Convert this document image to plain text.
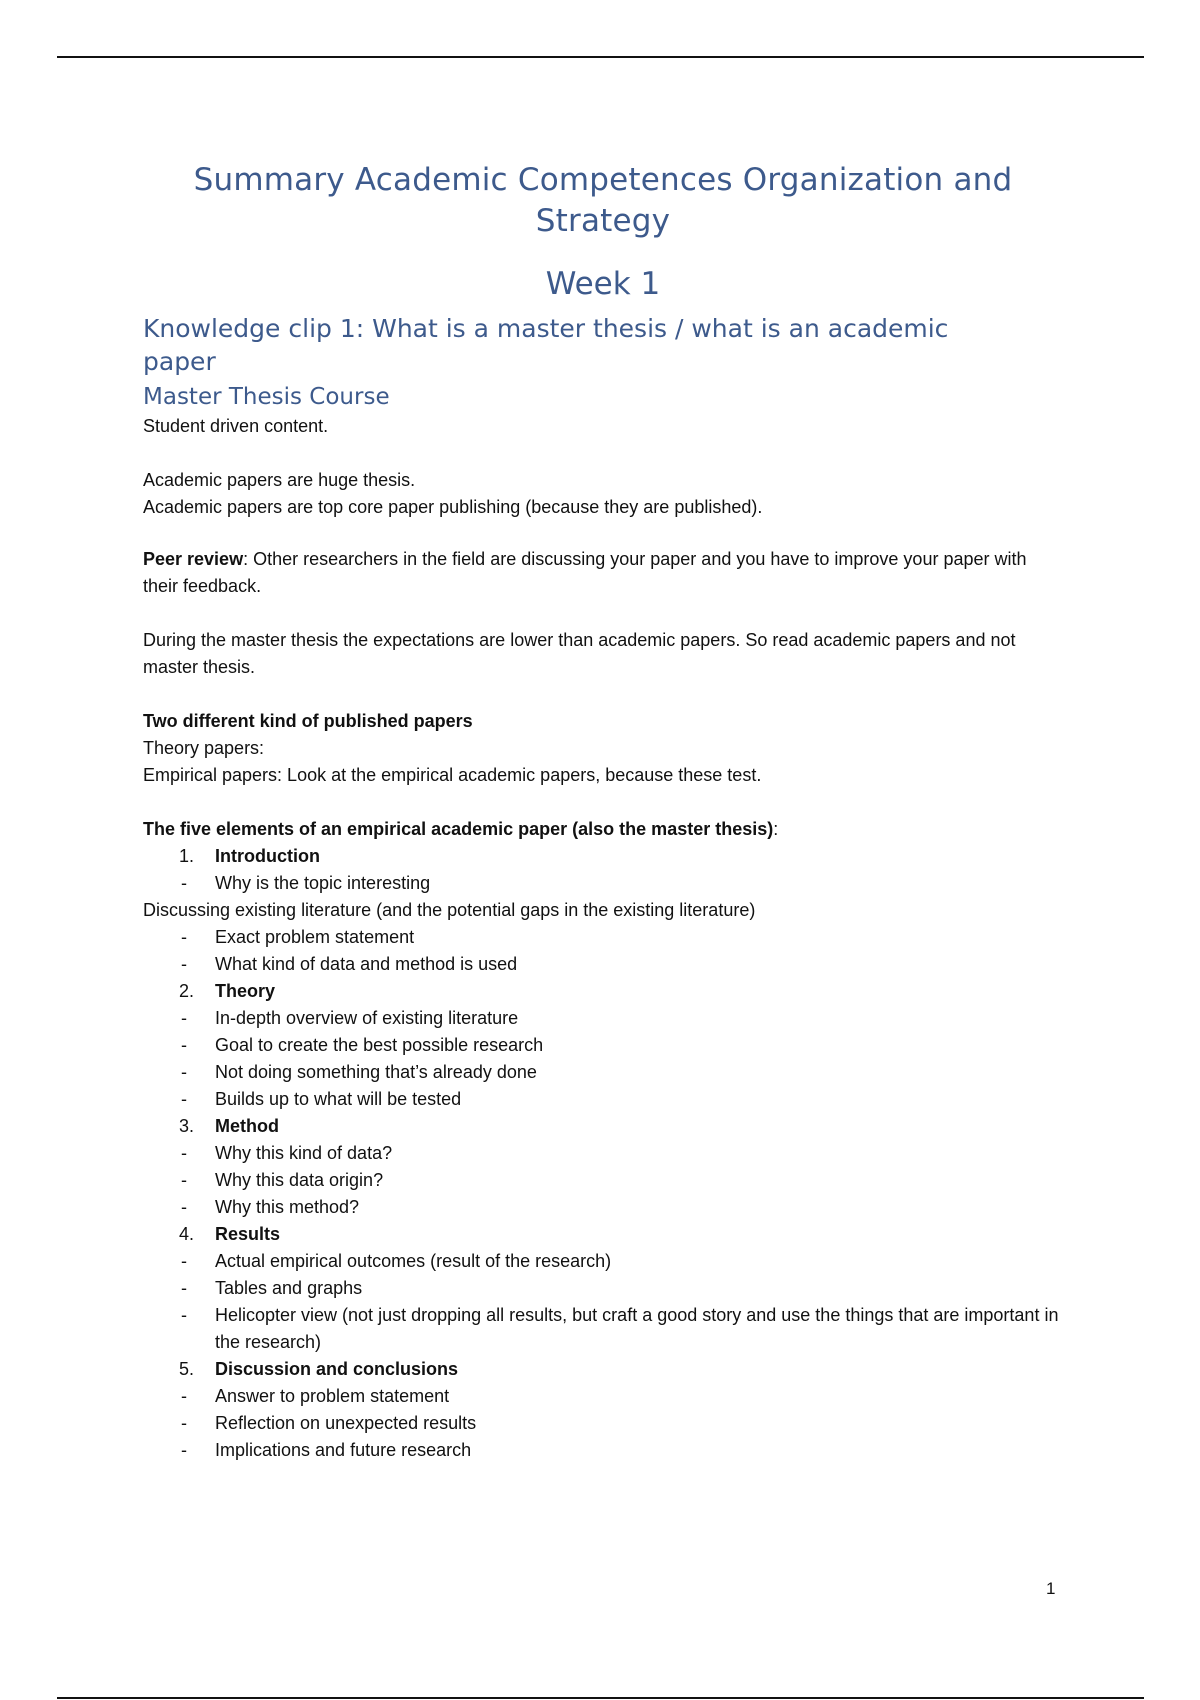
Summary Academic Competences Organization and Strategy
Week 1
Knowledge clip 1: What is a master thesis / what is an academic paper
Master Thesis Course

Student driven content.

Academic papers are huge thesis.

Academic papers are top core paper publishing (because they are published).

Peer review: Other researchers in the field are discussing your paper and you have to improve your paper with their feedback.

During the master thesis the expectations are lower than academic papers. So read academic papers and not master thesis.

Two different kind of published papers

Theory papers:

Empirical papers: Look at the empirical academic papers, because these test.

The five elements of an empirical academic paper (also the master thesis):

1. Introduction
- Why is the topic interesting

Discussing existing literature (and the potential gaps in the existing literature)

- Exact problem statement
- What kind of data and method is used
2. Theory
- In-depth overview of existing literature
- Goal to create the best possible research
- Not doing something that’s already done
- Builds up to what will be tested
3. Method
- Why this kind of data?
- Why this data origin?
- Why this method?
4. Results
- Actual empirical outcomes (result of the research)
- Tables and graphs
- Helicopter view (not just dropping all results, but craft a good story and use the things that are important in the research)
5. Discussion and conclusions
- Answer to problem statement
- Reflection on unexpected results
- Implications and future research
1
